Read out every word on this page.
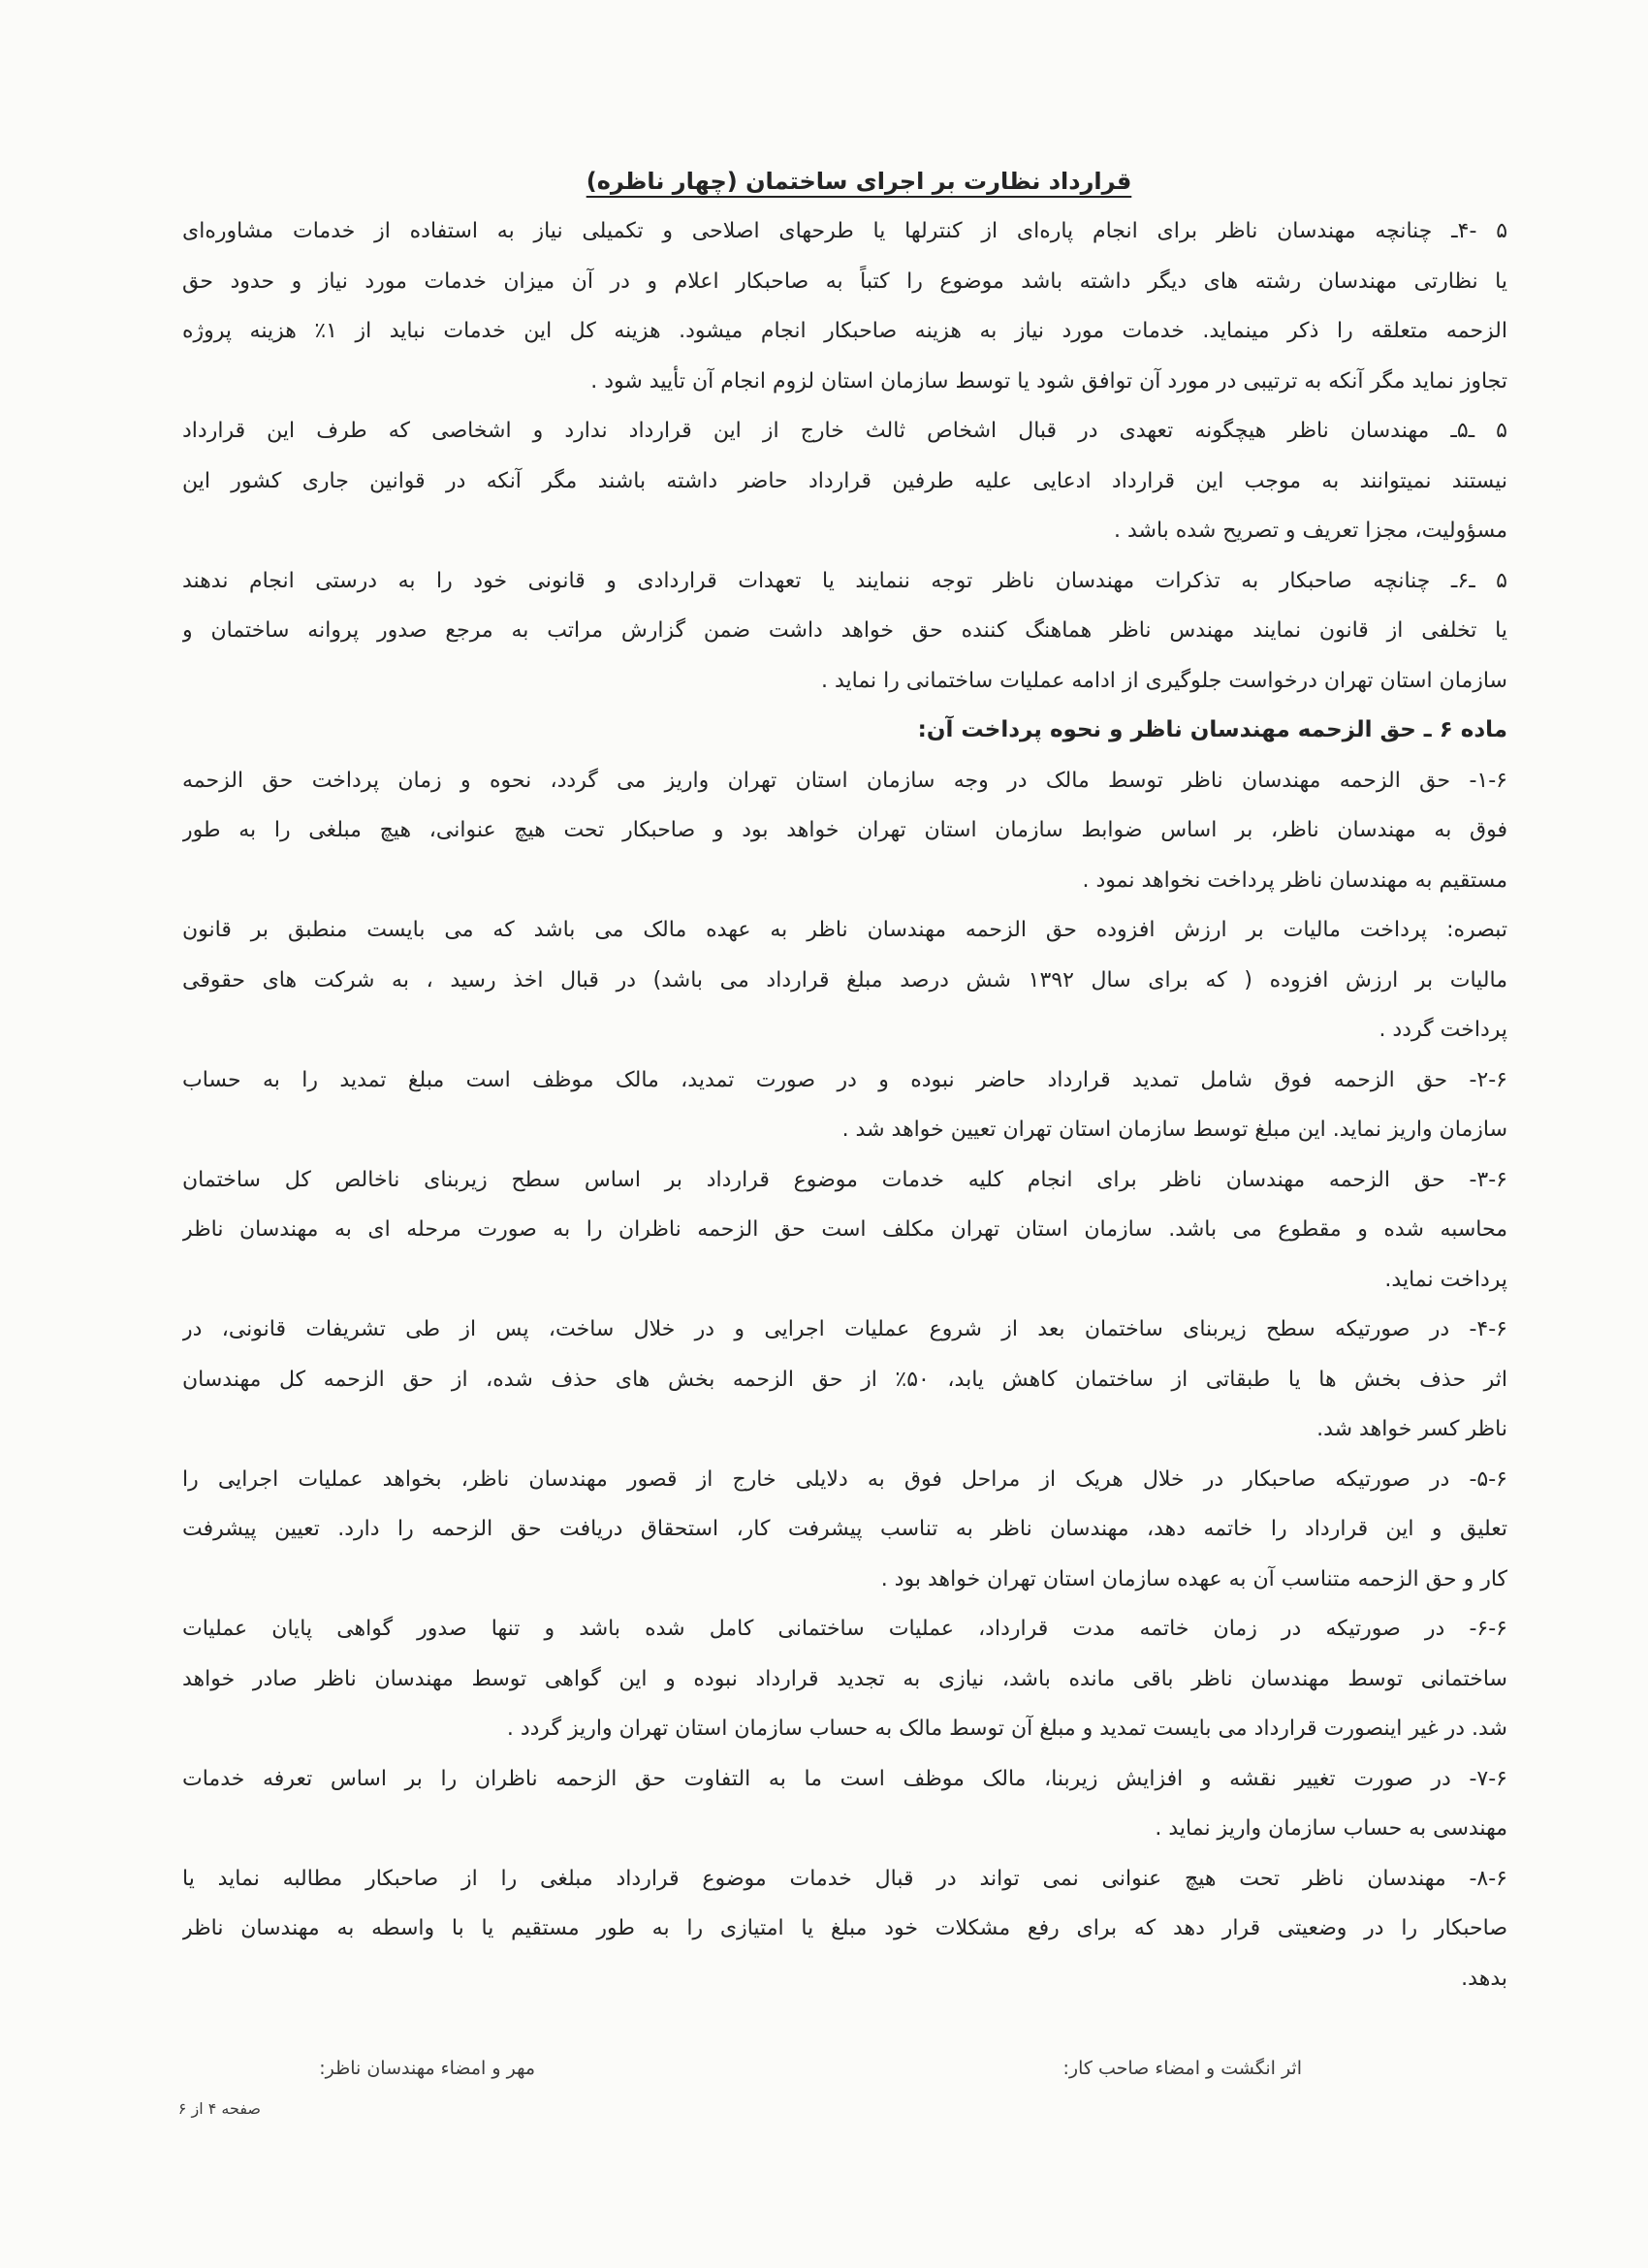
قرارداد نظارت بر اجرای ساختمان (چهار ناظره)
۵ -۴ـ چنانچه مهندسان ناظر برای انجام پاره‌ای از کنترلها یا طرحهای اصلاحی و تکمیلی نیاز به استفاده از خدمات مشاوره‌ای
یا نظارتی مهندسان رشته های دیگر داشته باشد موضوع را کتباً به صاحبکار اعلام و در آن میزان خدمات مورد نیاز و حدود حق
الزحمه متعلقه را ذکر مینماید. خدمات مورد نیاز به هزینه صاحبکار انجام میشود. هزینه کل این خدمات نباید از ۱٪ هزینه پروژه
تجاوز نماید مگر آنکه به ترتیبی در مورد آن توافق شود یا توسط سازمان استان لزوم انجام آن تأیید شود .
۵ ـ۵ـ مهندسان ناظر هیچگونه تعهدی در قبال اشخاص ثالث خارج از این قرارداد ندارد و اشخاصی که طرف این قرارداد
نیستند نمیتوانند به موجب این قرارداد ادعایی علیه طرفین قرارداد حاضر داشته باشند مگر آنکه در قوانین جاری کشور این
مسؤولیت، مجزا تعریف و تصریح شده باشد .
۵ ـ۶ـ چنانچه صاحبکار به تذکرات مهندسان ناظر توجه ننمایند یا تعهدات قراردادی و قانونی خود را به درستی انجام ندهند
یا تخلفی از قانون نمایند مهندس ناظر هماهنگ کننده حق خواهد داشت ضمن گزارش مراتب به مرجع صدور پروانه ساختمان و
سازمان استان تهران درخواست جلوگیری از ادامه عملیات ساختمانی را نماید .
ماده ۶ ـ حق الزحمه مهندسان ناظر و نحوه پرداخت آن:
۶‏-۱- حق الزحمه مهندسان ناظر توسط مالک در وجه سازمان استان تهران واریز می گردد، نحوه و زمان پرداخت حق الزحمه
فوق به مهندسان ناظر، بر اساس ضوابط سازمان استان تهران خواهد بود و صاحبکار تحت هیچ عنوانی، هیچ مبلغی را به طور
مستقیم به مهندسان ناظر پرداخت نخواهد نمود .
تبصره: پرداخت مالیات بر ارزش افزوده حق الزحمه مهندسان ناظر به عهده مالک می باشد که می بایست منطبق بر قانون
مالیات بر ارزش افزوده ( که برای سال ۱۳۹۲ شش درصد مبلغ قرارداد می باشد) در قبال اخذ رسید ، به شرکت های حقوقی
پرداخت گردد .
۶‏-۲- حق الزحمه فوق شامل تمدید قرارداد حاضر نبوده و در صورت تمدید، مالک موظف است مبلغ تمدید را به حساب
سازمان واریز نماید. این مبلغ توسط سازمان استان تهران تعیین خواهد شد .
۶‏-۳- حق الزحمه مهندسان ناظر برای انجام کلیه خدمات موضوع قرارداد بر اساس سطح زیربنای ناخالص کل ساختمان
محاسبه شده و مقطوع می باشد. سازمان استان تهران مکلف است حق الزحمه ناظران را به صورت مرحله ای به مهندسان ناظر
پرداخت نماید.
۶‏-۴- در صورتیکه سطح زیربنای ساختمان بعد از شروع عملیات اجرایی و در خلال ساخت، پس از طی تشریفات قانونی، در
اثر حذف بخش ها یا طبقاتی از ساختمان کاهش یابد، ۵۰٪ از حق الزحمه بخش های حذف شده، از حق الزحمه کل مهندسان
ناظر کسر خواهد شد.
۶‏-۵- در صورتیکه صاحبکار در خلال هریک از مراحل فوق به دلایلی خارج از قصور مهندسان ناظر، بخواهد عملیات اجرایی را
تعلیق و این قرارداد را خاتمه دهد، مهندسان ناظر به تناسب پیشرفت کار، استحقاق دریافت حق الزحمه را دارد. تعیین پیشرفت
کار و حق الزحمه متناسب آن به عهده سازمان استان تهران خواهد بود .
۶‏-۶- در صورتیکه در زمان خاتمه مدت قرارداد، عملیات ساختمانی کامل شده باشد و تنها صدور گواهی پایان عملیات
ساختمانی توسط مهندسان ناظر باقی مانده باشد، نیازی به تجدید قرارداد نبوده و این گواهی توسط مهندسان ناظر صادر خواهد
شد. در غیر اینصورت قرارداد می بایست تمدید و مبلغ آن توسط مالک به حساب سازمان استان تهران واریز گردد .
۶‏-۷- در صورت تغییر نقشه و افزایش زیربنا، مالک موظف است ما به التفاوت حق الزحمه ناظران را بر اساس تعرفه خدمات
مهندسی به حساب سازمان واریز نماید .
۶‏-۸- مهندسان ناظر تحت هیچ عنوانی نمی تواند در قبال خدمات موضوع قرارداد مبلغی را از صاحبکار مطالبه نماید یا
صاحبکار را در وضعیتی قرار دهد که برای رفع مشکلات خود مبلغ یا امتیازی را به طور مستقیم یا با واسطه به مهندسان ناظر
بدهد.
اثر انگشت و امضاء صاحب کار:
مهر و امضاء مهندسان ناظر:
صفحه ۴ از ۶
